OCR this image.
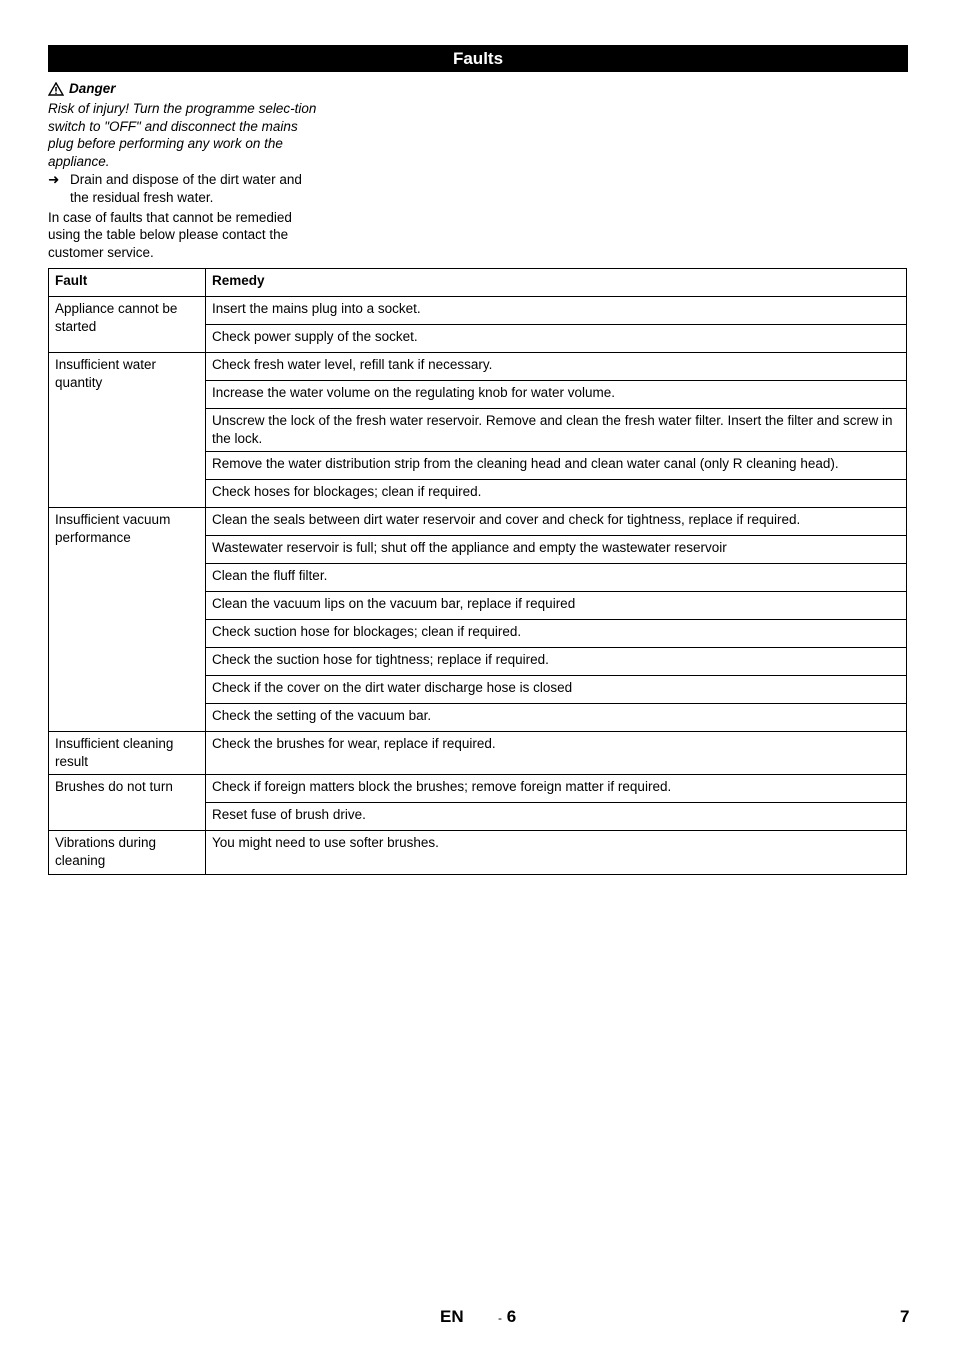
Faults
Danger
Risk of injury! Turn the programme selec-tion switch to "OFF" and disconnect the mains plug before performing any work on the appliance.
➜ Drain and dispose of the dirt water and the residual fresh water.
In case of faults that cannot be remedied using the table below please contact the customer service.
Fault	Remedy
Appliance cannot be started	Insert the mains plug into a socket.
	Check power supply of the socket.
Insufficient water quantity	Check fresh water level, refill tank if necessary.
	Increase the water volume on the regulating knob for water volume.
	Unscrew the lock of the fresh water reservoir. Remove and clean the fresh water filter. Insert the filter and screw in the lock.
	Remove the water distribution strip from the cleaning head and clean water canal (only R cleaning head).
	Check hoses for blockages; clean if required.
Insufficient vacuum performance	Clean the seals between dirt water reservoir and cover and check for tightness, replace if required.
	Wastewater reservoir is full; shut off the appliance and empty the wastewater reservoir
	Clean the fluff filter.
	Clean the vacuum lips on the vacuum bar, replace if required
	Check suction hose for blockages; clean if required.
	Check the suction hose for tightness; replace if required.
	Check if the cover on the dirt water discharge hose is closed
	Check the setting of the vacuum bar.
Insufficient cleaning result	Check the brushes for wear, replace if required.
Brushes do not turn	Check if foreign matters block the brushes; remove foreign matter if required.
	Reset fuse of brush drive.
Vibrations during cleaning	You might need to use softer brushes.
EN	- 6	7
